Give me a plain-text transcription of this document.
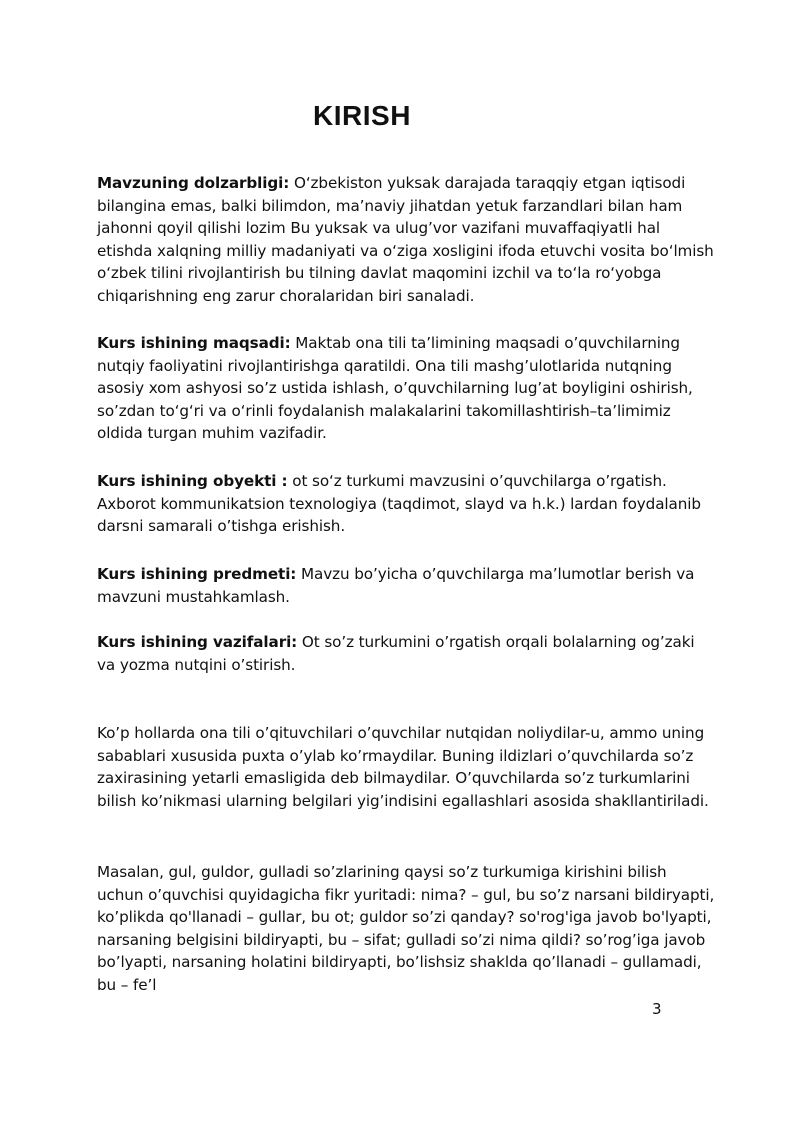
KIRISH

Mavzuning dolzarbligi: O‘zbekiston yuksak darajada taraqqiy etgan iqtisodi bilangina emas, balki bilimdon, ma’naviy jihatdan yetuk farzandlari bilan ham jahonni qoyil qilishi lozim Bu yuksak va ulug’vor vazifani muvaffaqiyatli hal etishda xalqning milliy madaniyati va o‘ziga xosligini ifoda etuvchi vosita bo‘lmish o‘zbek tilini rivojlantirish bu tilning davlat maqomini izchil va to‘la ro‘yobga chiqarishning eng zarur choralaridan biri sanaladi.

Kurs ishining maqsadi: Maktab ona tili ta’limining maqsadi o’quvchilarning nutqiy faoliyatini rivojlantirishga qaratildi. Ona tili mashg’ulotlarida nutqning asosiy xom ashyosi so’z ustida ishlash, o’quvchilarning lug’at boyligini oshirish, so’zdan to‘g‘ri va o‘rinli foydalanish malakalarini takomillashtirish–ta’limimiz oldida turgan muhim vazifadir.

Kurs ishining obyekti : ot so‘z turkumi mavzusini o’quvchilarga o’rgatish. Axborot kommunikatsion texnologiya (taqdimot, slayd va h.k.) lardan foydalanib darsni samarali o’tishga erishish.

Kurs ishining predmeti: Mavzu bo’yicha o’quvchilarga ma’lumotlar berish va mavzuni mustahkamlash.

Kurs ishining vazifalari: Ot so’z turkumini o’rgatish orqali bolalarning og’zaki va yozma nutqini o’stirish.

Ko’p hollarda ona tili o’qituvchilari o’quvchilar nutqidan noliydilar-u, ammo uning sabablari xususida puxta o’ylab ko’rmaydilar. Buning ildizlari o’quvchilarda so’z zaxirasining yetarli emasligida deb bilmaydilar. O’quvchilarda so’z turkumlarini bilish ko’nikmasi ularning belgilari yig’indisini egallashlari asosida shakllantiriladi.

Masalan, gul, guldor, gulladi so’zlarining qaysi so’z turkumiga kirishini bilish uchun o’quvchisi quyidagicha fikr yuritadi: nima? – gul, bu so’z narsani bildiryapti, ko’plikda qo'llanadi – gullar, bu ot; guldor so’zi qanday? so'rog'iga javob bo'lyapti, narsaning belgisini bildiryapti, bu – sifat; gulladi so’zi nima qildi? so’rog’iga javob bo’lyapti, narsaning holatini bildiryapti, bo’lishsiz shaklda qo’llanadi – gullamadi, bu – fe’l

3
